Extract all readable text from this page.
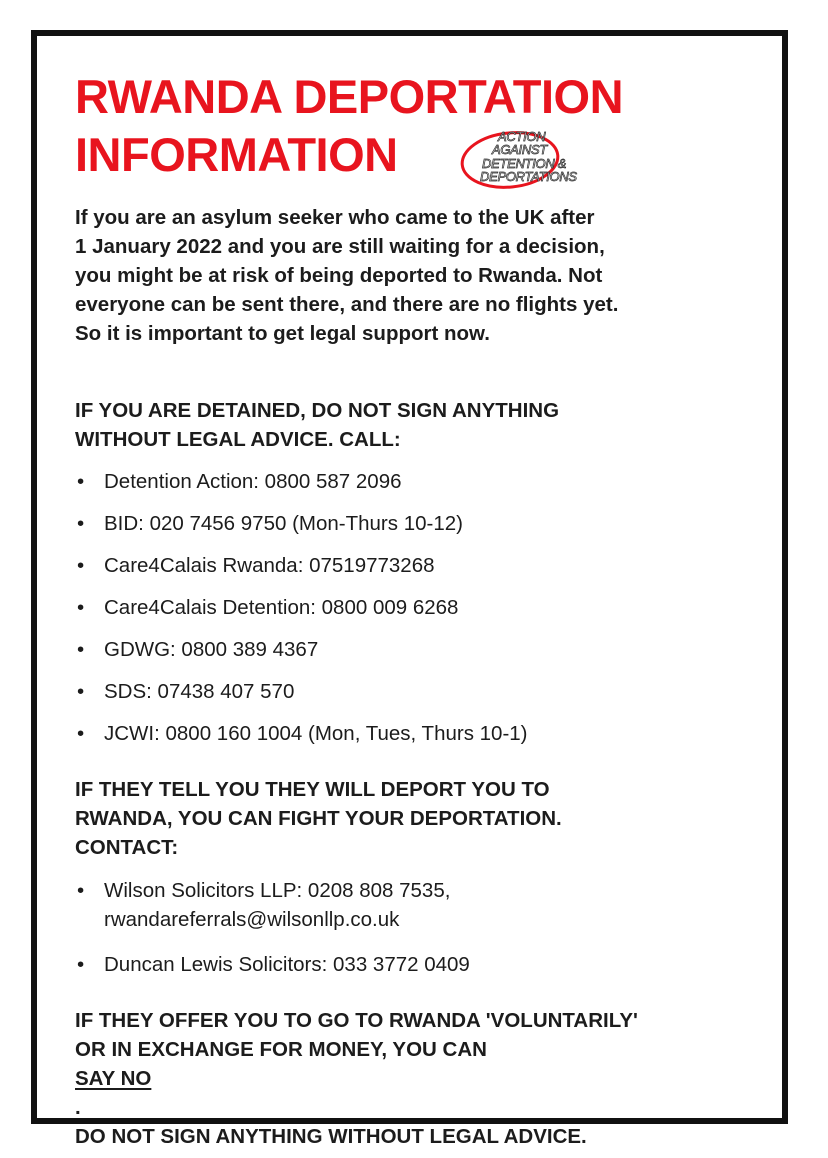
RWANDA DEPORTATION
INFORMATION	ACTION
AGAINST
DETENTION &
DEPORTATIONS

If you are an asylum seeker who came to the UK after
1 January 2022 and you are still waiting for a decision,
you might be at risk of being deported to Rwanda. Not
everyone can be sent there, and there are no flights yet.
So it is important to get legal support now.

IF YOU ARE DETAINED, DO NOT SIGN ANYTHING
WITHOUT LEGAL ADVICE. CALL:
• Detention Action: 0800 587 2096
• BID: 020 7456 9750 (Mon-Thurs 10-12)
• Care4Calais Rwanda: 07519773268
• Care4Calais Detention: 0800 009 6268
• GDWG: 0800 389 4367
• SDS: 07438 407 570
• JCWI: 0800 160 1004 (Mon, Tues, Thurs 10-1)
IF THEY TELL YOU THEY WILL DEPORT YOU TO
RWANDA, YOU CAN FIGHT YOUR DEPORTATION.
CONTACT:
• Wilson Solicitors LLP: 0208 808 7535,
rwandareferrals@wilsonllp.co.uk
• Duncan Lewis Solicitors: 033 3772 0409
IF THEY OFFER YOU TO GO TO RWANDA 'VOLUNTARILY'
OR IN EXCHANGE FOR MONEY, YOU CAN
SAY NO
.
DO NOT SIGN ANYTHING WITHOUT LEGAL ADVICE.
